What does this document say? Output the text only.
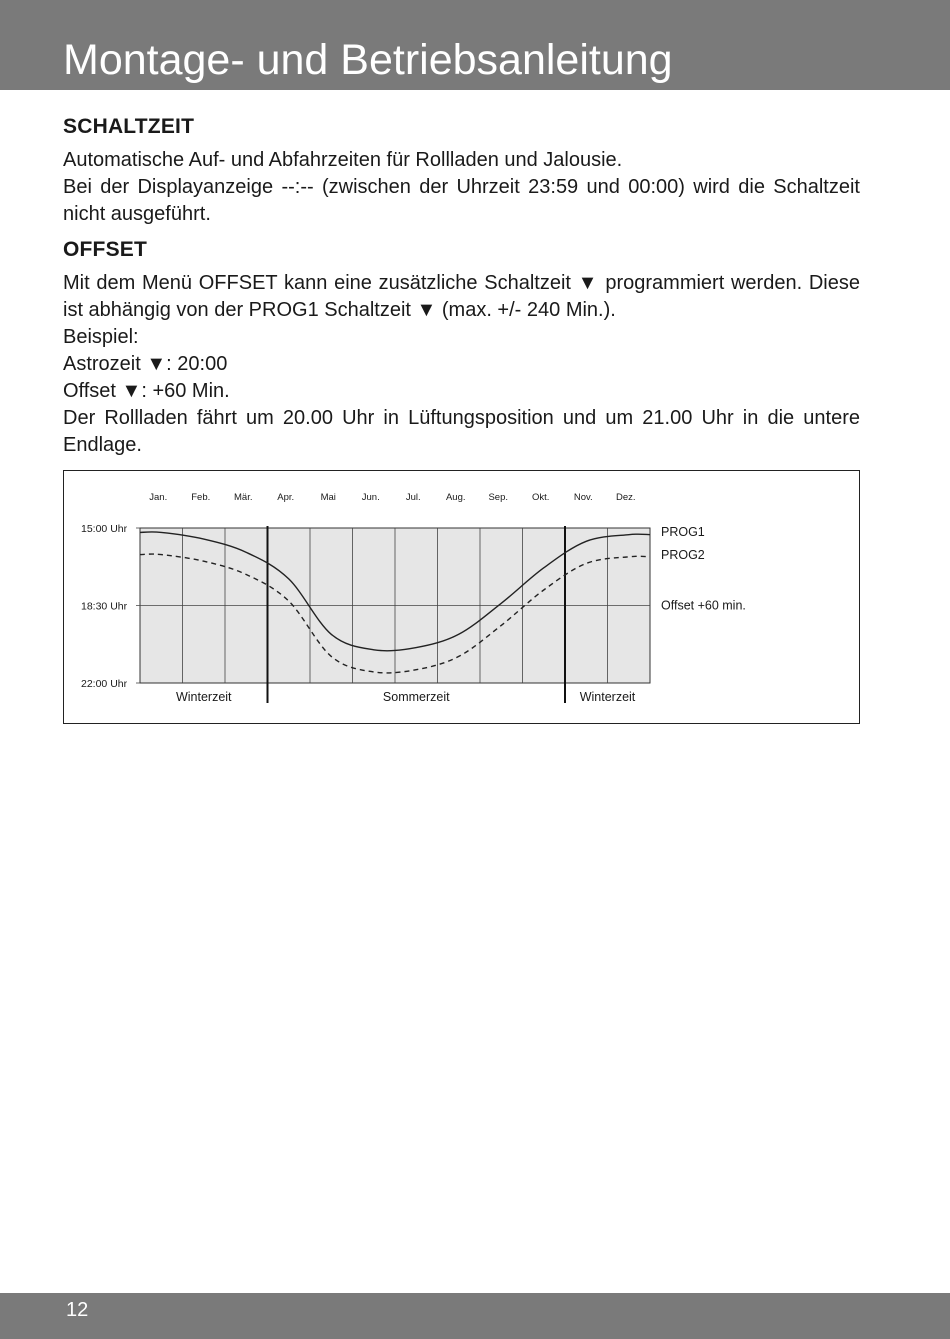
Montage- und Betriebsanleitung
SCHALTZEIT

Automatische Auf- und Abfahrzeiten für Rollladen und Jalousie.

Bei der Displayanzeige --:-- (zwischen der Uhrzeit 23:59 und 00:00) wird die Schaltzeit nicht ausgeführt.

OFFSET

Mit dem Menü OFFSET kann eine zusätzliche Schaltzeit ▼ programmiert werden. Diese ist abhängig von der PROG1 Schaltzeit ▼ (max. +/- 240 Min.).

Beispiel:

Astrozeit ▼: 20:00

Offset ▼: +60 Min.

Der Rollladen fährt um 20.00 Uhr in Lüftungsposition und um 21.00 Uhr in die untere Endlage.

Jan.	Feb.	Mär.	Apr.	Mai	Jun.	Jul.	Aug. Sep.	Okt.	Nov. Dez.
15:00 Uhr
18:30 Uhr
22:00 Uhr
PROG1
PROG2
Offset +60 min.
Winterzeit	Sommerzeit	Winterzeit
12
